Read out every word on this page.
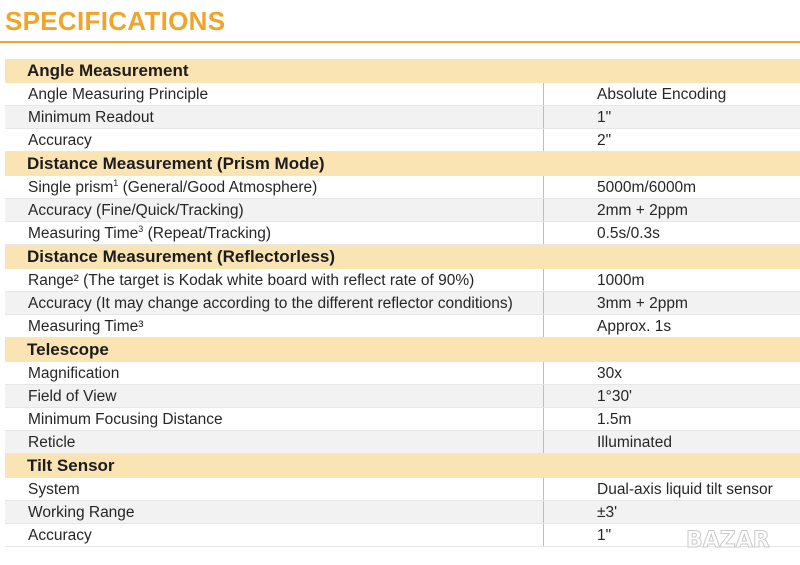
SPECIFICATIONS
Angle Measurement
Angle Measuring Principle	Absolute Encoding
Minimum Readout	1"
Accuracy	2"
Distance Measurement (Prism Mode)
Single prism$^1$ (General/Good Atmosphere)	5000m/6000m
Accuracy (Fine/Quick/Tracking)	2mm + 2ppm
Measuring Time$^3$ (Repeat/Tracking)	0.5s/0.3s
Distance Measurement (Reflectorless)
Range² (The target is Kodak white board with reflect rate of 90%)	1000m
Accuracy (It may change according to the different reflector conditions)	3mm + 2ppm
Measuring Time³	Approx. 1s
Telescope
Magnification	30x
Field of View	1°30'
Minimum Focusing Distance	1.5m
Reticle	Illuminated
Tilt Sensor
System	Dual-axis liquid tilt sensor
Working Range	±3'
Accuracy	1"	BAZAR
